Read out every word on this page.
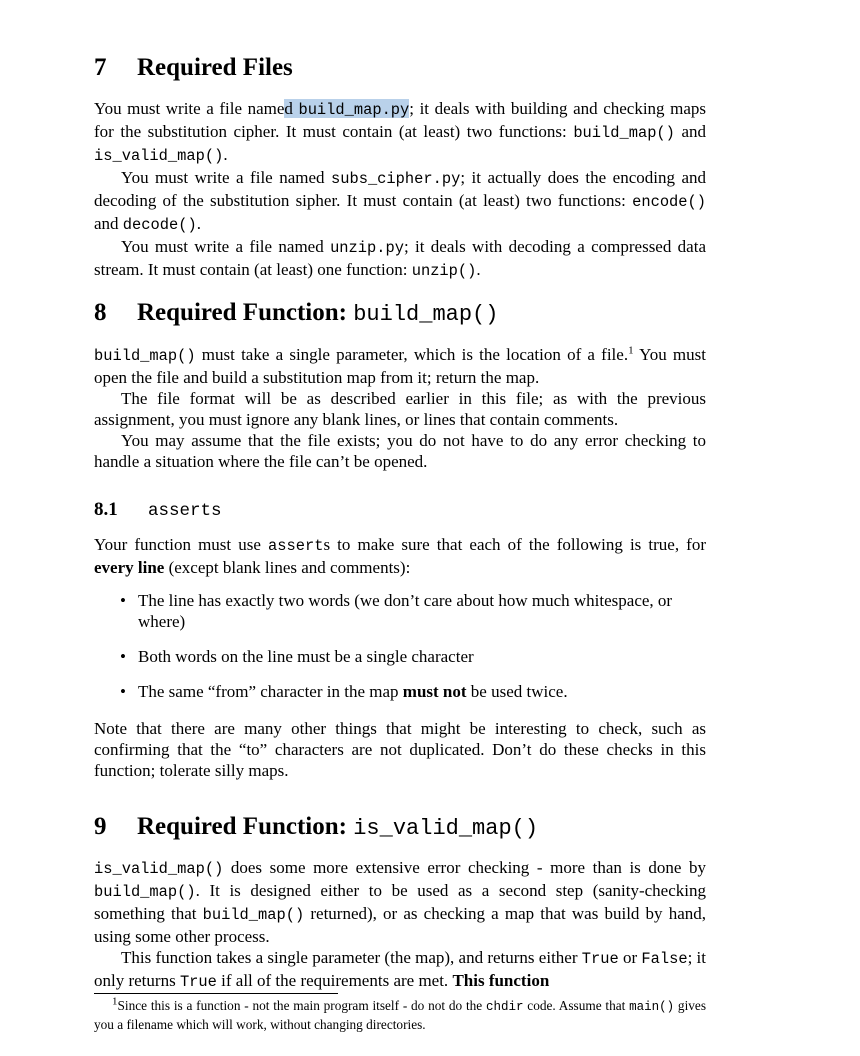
7 Required Files

You must write a file named build_map.py; it deals with building and checking maps for the substitution cipher. It must contain (at least) two functions: build_map() and is_valid_map().

You must write a file named subs_cipher.py; it actually does the encoding and decoding of the substitution sipher. It must contain (at least) two functions: encode() and decode().

You must write a file named unzip.py; it deals with decoding a compressed data stream. It must contain (at least) one function: unzip().

8 Required Function: build_map()

build_map() must take a single parameter, which is the location of a file.$^1$ You must open the file and build a substitution map from it; return the map.

The file format will be as described earlier in this file; as with the previous assignment, you must ignore any blank lines, or lines that contain comments.

You may assume that the file exists; you do not have to do any error checking to handle a situation where the file can’t be opened.

8.1 asserts

Your function must use asserts to make sure that each of the following is true, for every line (except blank lines and comments):

• The line has exactly two words (we don’t care about how much whitespace, or where)
• Both words on the line must be a single character
• The same “from” character in the map must not be used twice.

Note that there are many other things that might be interesting to check, such as confirming that the “to” characters are not duplicated. Don’t do these checks in this function; tolerate silly maps.

9 Required Function: is_valid_map()

is_valid_map() does some more extensive error checking - more than is done by build_map(). It is designed either to be used as a second step (sanity-checking something that build_map() returned), or as checking a map that was build by hand, using some other process.

This function takes a single parameter (the map), and returns either True or False; it only returns True if all of the requirements are met. This function

$^1$Since this is a function - not the main program itself - do not do the chdir code. Assume that main() gives you a filename which will work, without changing directories.
